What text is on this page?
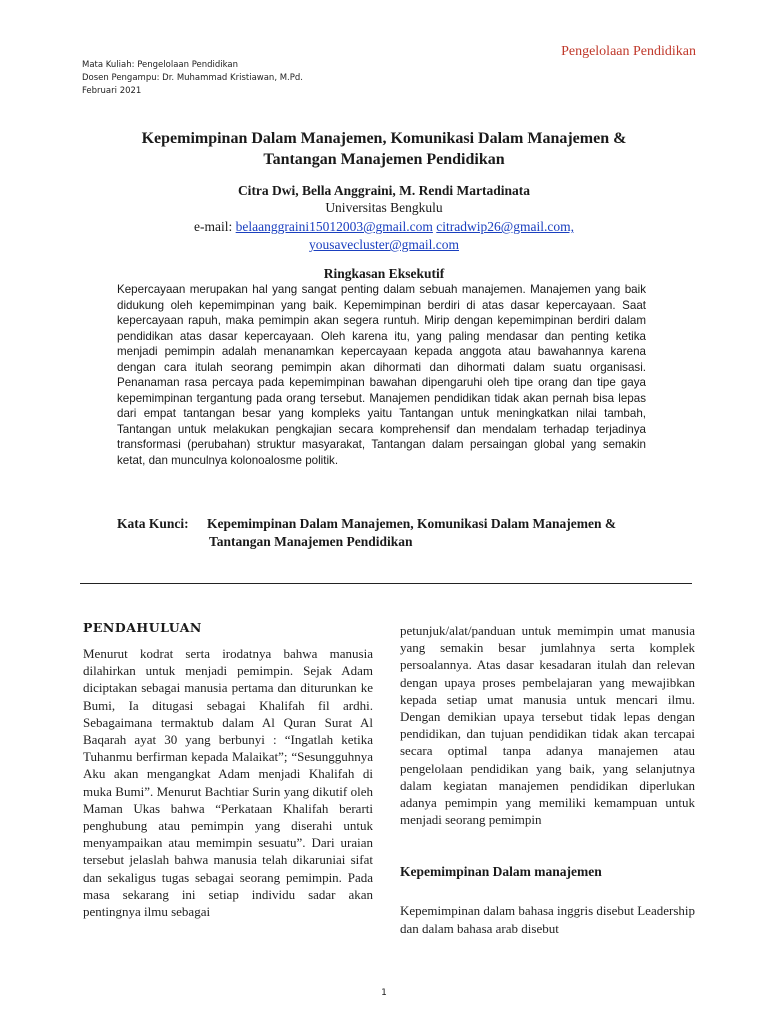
Pengelolaan Pendidikan
Mata Kuliah: Pengelolaan Pendidikan
Dosen Pengampu: Dr. Muhammad Kristiawan, M.Pd.
Februari 2021
Kepemimpinan Dalam Manajemen, Komunikasi Dalam Manajemen &
Tantangan Manajemen Pendidikan
Citra Dwi, Bella Anggraini, M. Rendi Martadinata
Universitas Bengkulu
e-mail: belaanggraini15012003@gmail.com citradwip26@gmail.com,
yousavecluster@gmail.com
Ringkasan Eksekutif

Kepercayaan merupakan hal yang sangat penting dalam sebuah manajemen. Manajemen yang baik didukung oleh kepemimpinan yang baik. Kepemimpinan berdiri di atas dasar kepercayaan. Saat kepercayaan rapuh, maka pemimpin akan segera runtuh. Mirip dengan kepemimpinan berdiri dalam pendidikan atas dasar kepercayaan. Oleh karena itu, yang paling mendasar dan penting ketika menjadi pemimpin adalah menanamkan kepercayaan kepada anggota atau bawahannya karena dengan cara itulah seorang pemimpin akan dihormati dan dihormati dalam suatu organisasi. Penanaman rasa percaya pada kepemimpinan bawahan dipengaruhi oleh tipe orang dan tipe gaya kepemimpinan tergantung pada orang tersebut. Manajemen pendidikan tidak akan pernah bisa lepas dari empat tantangan besar yang kompleks yaitu Tantangan untuk meningkatkan nilai tambah, Tantangan untuk melakukan pengkajian secara komprehensif dan mendalam terhadap terjadinya transformasi (perubahan) struktur masyarakat, Tantangan dalam persaingan global yang semakin ketat, dan munculnya kolonoalosme politik.

Kata Kunci: Kepemimpinan Dalam Manajemen, Komunikasi Dalam Manajemen &
Tantangan Manajemen Pendidikan
PENDAHULUAN

Menurut kodrat serta irodatnya bahwa manusia dilahirkan untuk menjadi pemimpin. Sejak Adam diciptakan sebagai manusia pertama dan diturunkan ke Bumi, Ia ditugasi sebagai Khalifah fil ardhi. Sebagaimana termaktub dalam Al Quran Surat Al Baqarah ayat 30 yang berbunyi : “Ingatlah ketika Tuhanmu berfirman kepada Malaikat”; “Sesungguhnya Aku akan mengangkat Adam menjadi Khalifah di muka Bumi”. Menurut Bachtiar Surin yang dikutif oleh Maman Ukas bahwa “Perkataan Khalifah berarti penghubung atau pemimpin yang diserahi untuk menyampaikan atau memimpin sesuatu”. Dari uraian tersebut jelaslah bahwa manusia telah dikaruniai sifat dan sekaligus tugas sebagai seorang pemimpin. Pada masa sekarang ini setiap individu sadar akan pentingnya ilmu sebagai

petunjuk/alat/panduan untuk memimpin umat manusia yang semakin besar jumlahnya serta komplek persoalannya. Atas dasar kesadaran itulah dan relevan dengan upaya proses pembelajaran yang mewajibkan kepada setiap umat manusia untuk mencari ilmu. Dengan demikian upaya tersebut tidak lepas dengan pendidikan, dan tujuan pendidikan tidak akan tercapai secara optimal tanpa adanya manajemen atau pengelolaan pendidikan yang baik, yang selanjutnya dalam kegiatan manajemen pendidikan diperlukan adanya pemimpin yang memiliki kemampuan untuk menjadi seorang pemimpin

Kepemimpinan Dalam manajemen

Kepemimpinan dalam bahasa inggris disebut Leadership dan dalam bahasa arab disebut

1
